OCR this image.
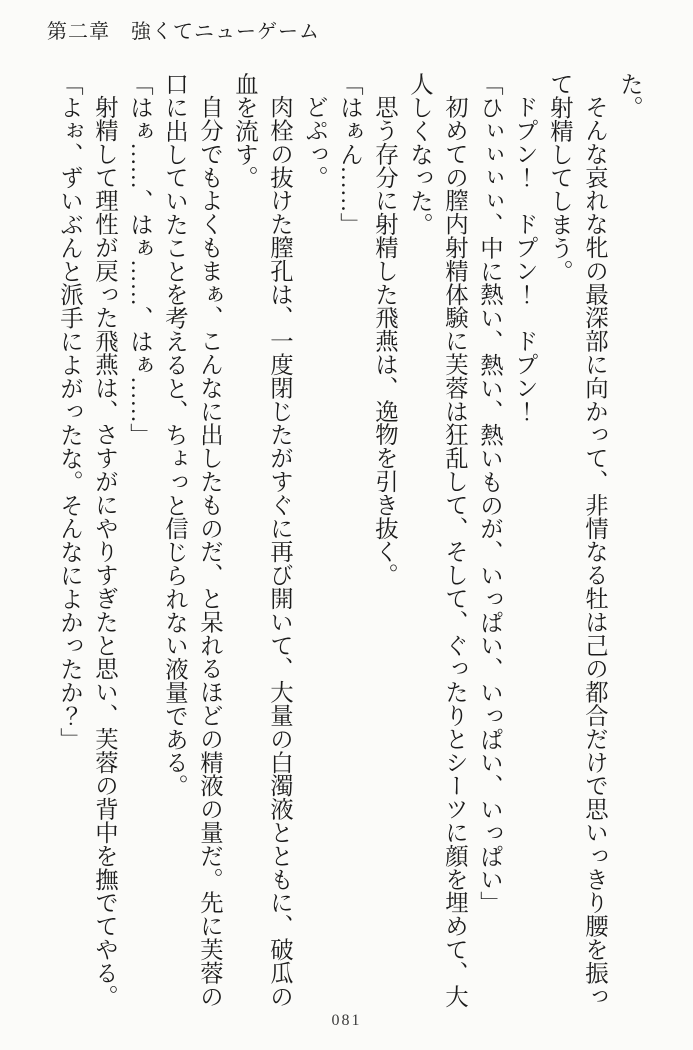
第二章　強くてニューゲーム

た。

そんな哀れな牝の最深部に向かって、非情なる牡は己の都合だけで思いっきり腰を振って射精してしまう。

ドプン！　ドプン！　ドプン！

「ひぃぃぃぃ、中に熱い、熱い、熱いものが、いっぱい、いっぱい、いっぱい」

初めての膣内射精体験に芙蓉は狂乱して、そして、ぐったりとシーツに顔を埋めて、大人しくなった。

思う存分に射精した飛燕は、逸物を引き抜く。

「はぁん……」

どぷっ。

肉栓の抜けた膣孔は、一度閉じたがすぐに再び開いて、大量の白濁液とともに、破瓜の血を流す。

自分でもよくもまぁ、こんなに出したものだ、と呆れるほどの精液の量だ。先に芙蓉の口に出していたことを考えると、ちょっと信じられない液量である。

「はぁ……、はぁ……、はぁ……」

射精して理性が戻った飛燕は、さすがにやりすぎたと思い、芙蓉の背中を撫でてやる。

「よぉ、ずいぶんと派手によがったな。そんなによかったか？」

081
